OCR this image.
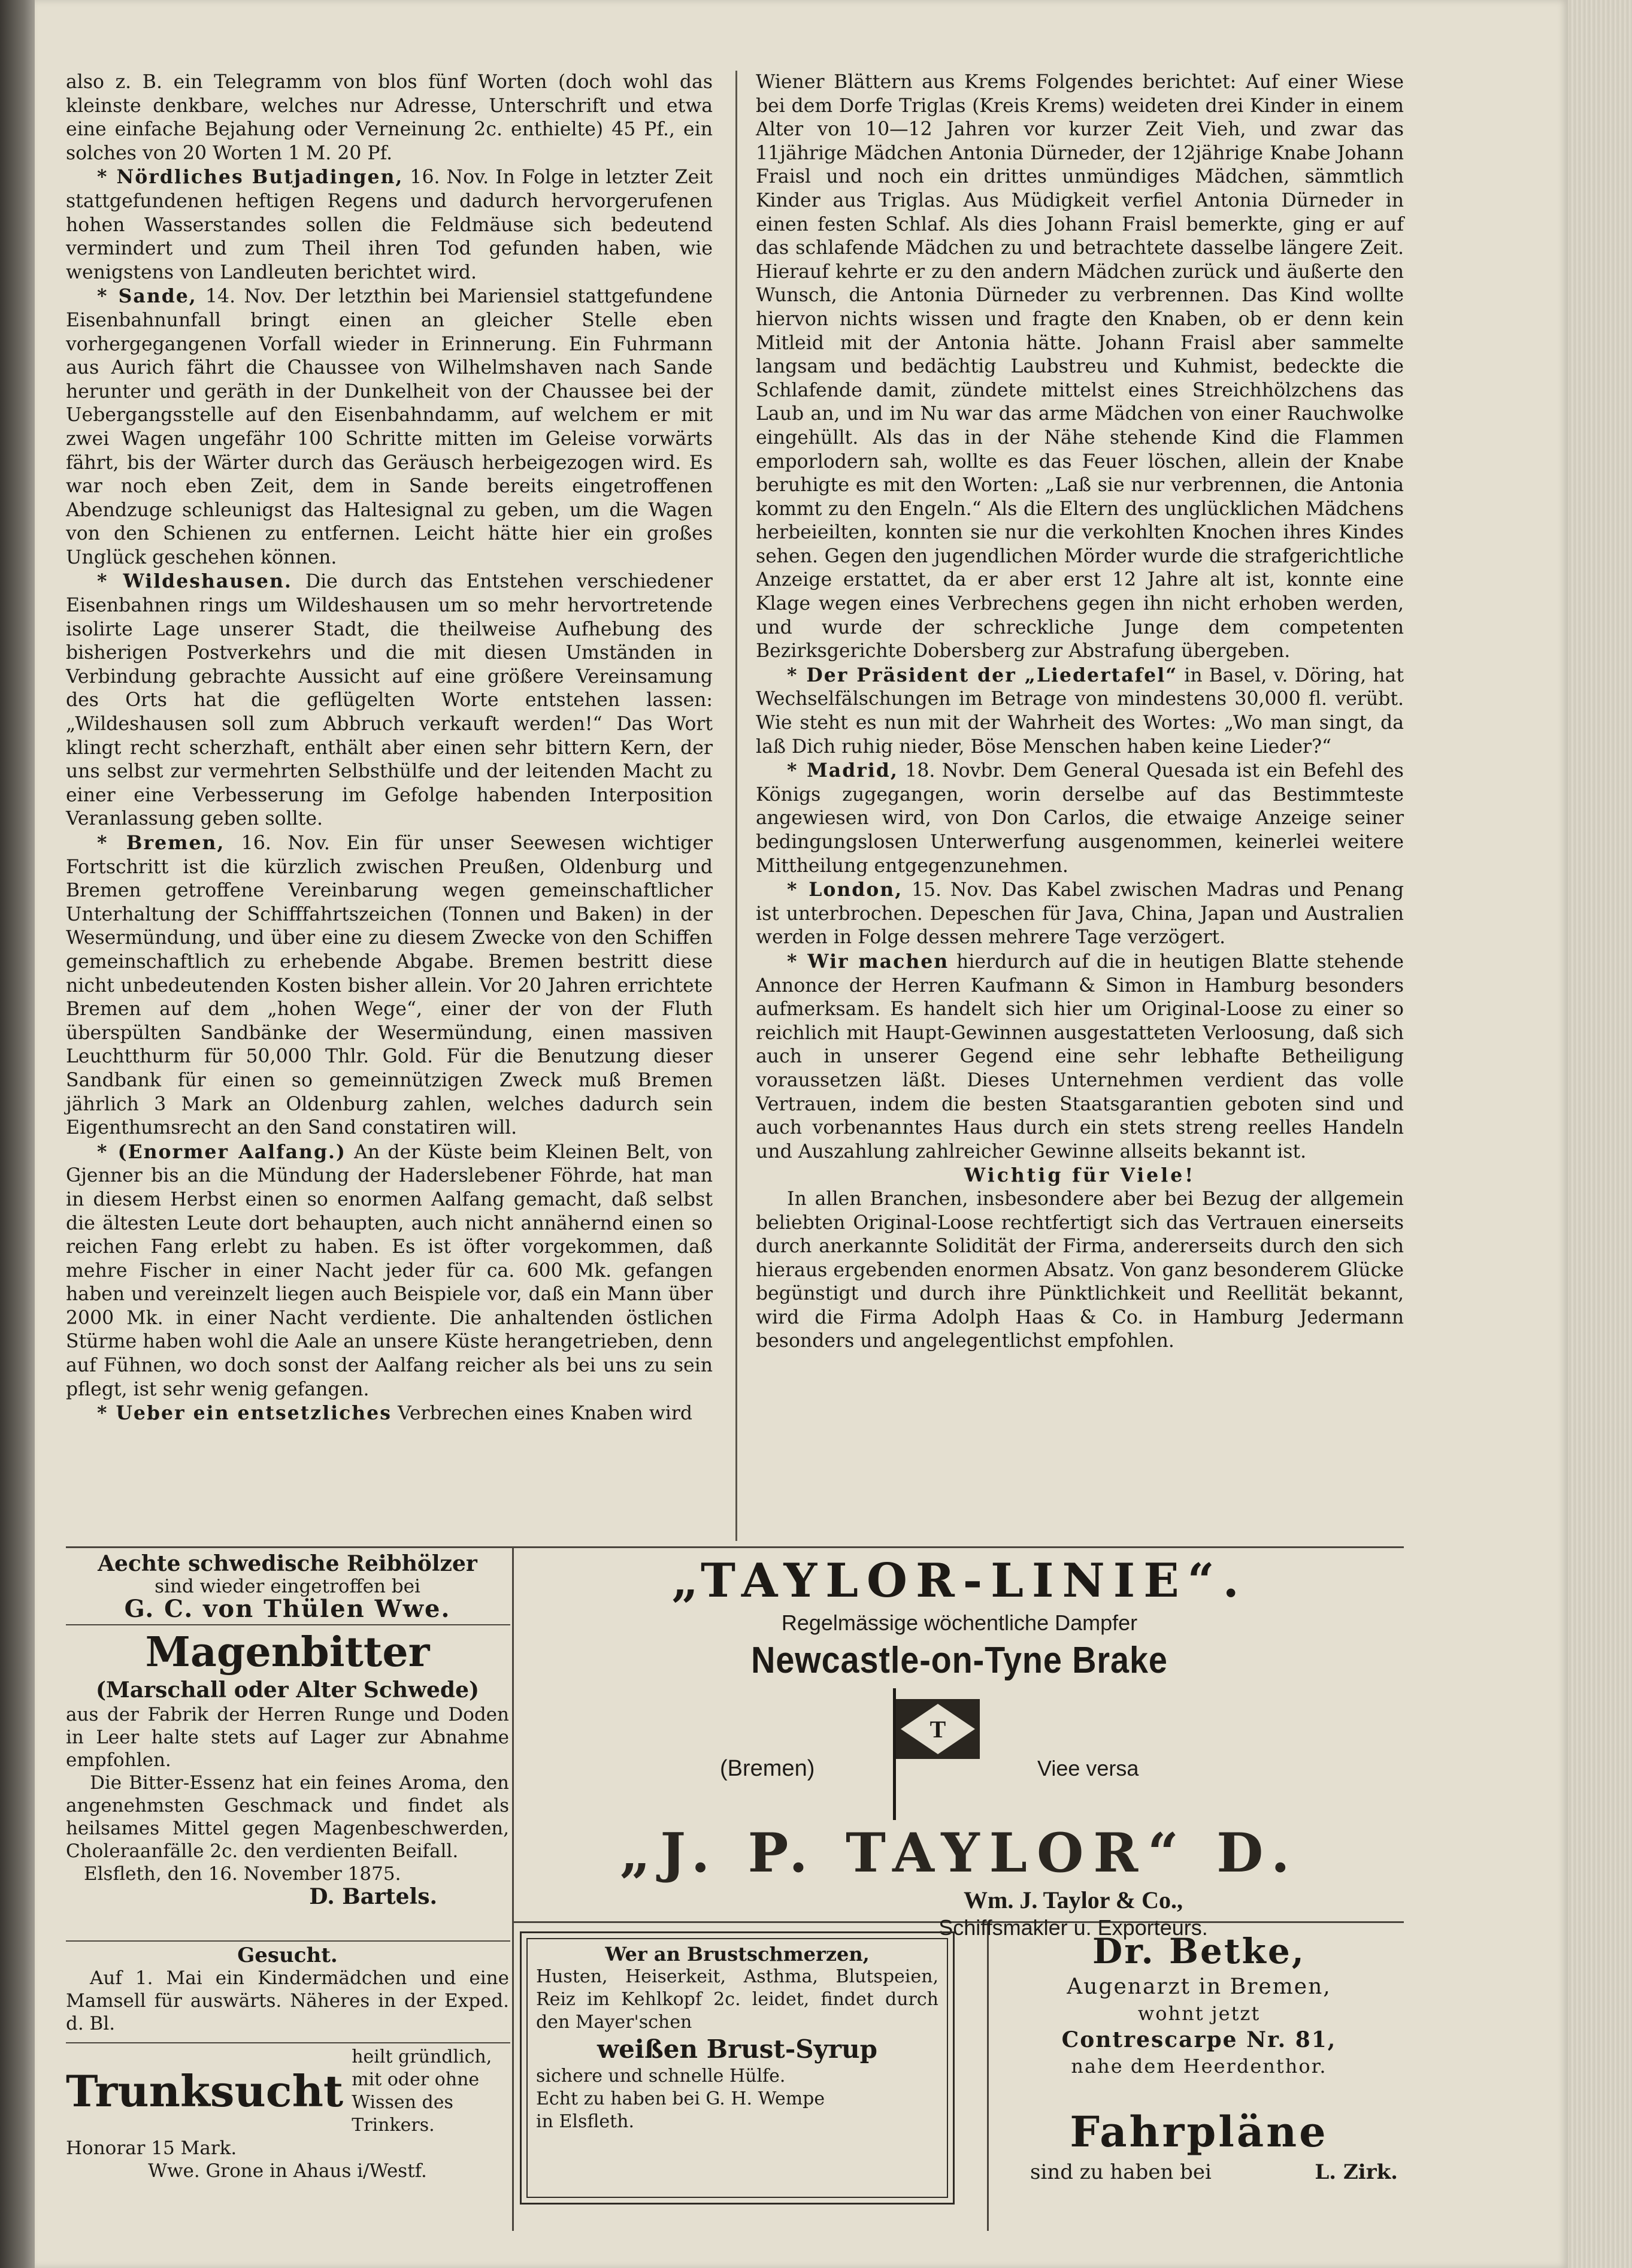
also z. B. ein Telegramm von blos fünf Worten (doch wohl das kleinste denkbare, welches nur Adresse, Unterschrift und etwa eine einfache Bejahung oder Verneinung 2c. enthielte) 45 Pf., ein solches von 20 Worten 1 M. 20 Pf.

* Nördliches Butjadingen, 16. Nov. In Folge in letzter Zeit stattgefundenen heftigen Regens und dadurch hervorgerufenen hohen Wasserstandes sollen die Feldmäuse sich bedeutend vermindert und zum Theil ihren Tod gefunden haben, wie wenigstens von Landleuten berichtet wird.

* Sande, 14. Nov. Der letzthin bei Mariensiel stattgefundene Eisenbahnunfall bringt einen an gleicher Stelle eben vorhergegangenen Vorfall wieder in Erinnerung. Ein Fuhrmann aus Aurich fährt die Chaussee von Wilhelmshaven nach Sande herunter und geräth in der Dunkelheit von der Chaussee bei der Uebergangsstelle auf den Eisenbahndamm, auf welchem er mit zwei Wagen ungefähr 100 Schritte mitten im Geleise vorwärts fährt, bis der Wärter durch das Geräusch herbeigezogen wird. Es war noch eben Zeit, dem in Sande bereits eingetroffenen Abendzuge schleunigst das Haltesignal zu geben, um die Wagen von den Schienen zu entfernen. Leicht hätte hier ein großes Unglück geschehen können.

* Wildeshausen. Die durch das Entstehen verschiedener Eisenbahnen rings um Wildeshausen um so mehr hervortretende isolirte Lage unserer Stadt, die theilweise Aufhebung des bisherigen Postverkehrs und die mit diesen Umständen in Verbindung gebrachte Aussicht auf eine größere Vereinsamung des Orts hat die geflügelten Worte entstehen lassen: „Wildeshausen soll zum Abbruch verkauft werden!“ Das Wort klingt recht scherzhaft, enthält aber einen sehr bittern Kern, der uns selbst zur vermehrten Selbsthülfe und der leitenden Macht zu einer eine Verbesserung im Gefolge habenden Interposition Veranlassung geben sollte.

* Bremen, 16. Nov. Ein für unser Seewesen wichtiger Fortschritt ist die kürzlich zwischen Preußen, Oldenburg und Bremen getroffene Vereinbarung wegen gemeinschaftlicher Unterhaltung der Schifffahrtszeichen (Tonnen und Baken) in der Wesermündung, und über eine zu diesem Zwecke von den Schiffen gemeinschaftlich zu erhebende Abgabe. Bremen bestritt diese nicht unbedeutenden Kosten bisher allein. Vor 20 Jahren errichtete Bremen auf dem „hohen Wege“, einer der von der Fluth überspülten Sandbänke der Wesermündung, einen massiven Leuchtthurm für 50,000 Thlr. Gold. Für die Benutzung dieser Sandbank für einen so gemeinnützigen Zweck muß Bremen jährlich 3 Mark an Oldenburg zahlen, welches dadurch sein Eigenthumsrecht an den Sand constatiren will.

* (Enormer Aalfang.) An der Küste beim Kleinen Belt, von Gjenner bis an die Mündung der Haderslebener Föhrde, hat man in diesem Herbst einen so enormen Aalfang gemacht, daß selbst die ältesten Leute dort behaupten, auch nicht annähernd einen so reichen Fang erlebt zu haben. Es ist öfter vorgekommen, daß mehre Fischer in einer Nacht jeder für ca. 600 Mk. gefangen haben und vereinzelt liegen auch Beispiele vor, daß ein Mann über 2000 Mk. in einer Nacht verdiente. Die anhaltenden östlichen Stürme haben wohl die Aale an unsere Küste herangetrieben, denn auf Fühnen, wo doch sonst der Aalfang reicher als bei uns zu sein pflegt, ist sehr wenig gefangen.

* Ueber ein entsetzliches Verbrechen eines Knaben wird

Wiener Blättern aus Krems Folgendes berichtet: Auf einer Wiese bei dem Dorfe Triglas (Kreis Krems) weideten drei Kinder in einem Alter von 10—12 Jahren vor kurzer Zeit Vieh, und zwar das 11jährige Mädchen Antonia Dürneder, der 12jährige Knabe Johann Fraisl und noch ein drittes unmündiges Mädchen, sämmtlich Kinder aus Triglas. Aus Müdigkeit verfiel Antonia Dürneder in einen festen Schlaf. Als dies Johann Fraisl bemerkte, ging er auf das schlafende Mädchen zu und betrachtete dasselbe längere Zeit. Hierauf kehrte er zu den andern Mädchen zurück und äußerte den Wunsch, die Antonia Dürneder zu verbrennen. Das Kind wollte hiervon nichts wissen und fragte den Knaben, ob er denn kein Mitleid mit der Antonia hätte. Johann Fraisl aber sammelte langsam und bedächtig Laubstreu und Kuhmist, bedeckte die Schlafende damit, zündete mittelst eines Streichhölzchens das Laub an, und im Nu war das arme Mädchen von einer Rauchwolke eingehüllt. Als das in der Nähe stehende Kind die Flammen emporlodern sah, wollte es das Feuer löschen, allein der Knabe beruhigte es mit den Worten: „Laß sie nur verbrennen, die Antonia kommt zu den Engeln.“ Als die Eltern des unglücklichen Mädchens herbeieilten, konnten sie nur die verkohlten Knochen ihres Kindes sehen. Gegen den jugendlichen Mörder wurde die strafgerichtliche Anzeige erstattet, da er aber erst 12 Jahre alt ist, konnte eine Klage wegen eines Verbrechens gegen ihn nicht erhoben werden, und wurde der schreckliche Junge dem competenten Bezirksgerichte Dobersberg zur Abstrafung übergeben.

* Der Präsident der „Liedertafel“ in Basel, v. Döring, hat Wechselfälschungen im Betrage von mindestens 30,000 fl. verübt. Wie steht es nun mit der Wahrheit des Wortes: „Wo man singt, da laß Dich ruhig nieder, Böse Menschen haben keine Lieder?“

* Madrid, 18. Novbr. Dem General Quesada ist ein Befehl des Königs zugegangen, worin derselbe auf das Bestimmteste angewiesen wird, von Don Carlos, die etwaige Anzeige seiner bedingungslosen Unterwerfung ausgenommen, keinerlei weitere Mittheilung entgegenzunehmen.

* London, 15. Nov. Das Kabel zwischen Madras und Penang ist unterbrochen. Depeschen für Java, China, Japan und Australien werden in Folge dessen mehrere Tage verzögert.

* Wir machen hierdurch auf die in heutigen Blatte stehende Annonce der Herren Kaufmann & Simon in Hamburg besonders aufmerksam. Es handelt sich hier um Original-Loose zu einer so reichlich mit Haupt-Gewinnen ausgestatteten Verloosung, daß sich auch in unserer Gegend eine sehr lebhafte Betheiligung voraussetzen läßt. Dieses Unternehmen verdient das volle Vertrauen, indem die besten Staatsgarantien geboten sind und auch vorbenanntes Haus durch ein stets streng reelles Handeln und Auszahlung zahlreicher Gewinne allseits bekannt ist.

Wichtig für Viele!

In allen Branchen, insbesondere aber bei Bezug der allgemein beliebten Original-Loose rechtfertigt sich das Vertrauen einerseits durch anerkannte Solidität der Firma, andererseits durch den sich hieraus ergebenden enormen Absatz. Von ganz besonderem Glücke begünstigt und durch ihre Pünktlichkeit und Reellität bekannt, wird die Firma Adolph Haas & Co. in Hamburg Jedermann besonders und angelegentlichst empfohlen.

Aechte schwedische Reibhölzer

sind wieder eingetroffen bei

G. C. von Thülen Wwe.

Magenbitter

(Marschall oder Alter Schwede)

aus der Fabrik der Herren Runge und Doden in Leer halte stets auf Lager zur Abnahme empfohlen.

Die Bitter-Essenz hat ein feines Aroma, den angenehmsten Geschmack und findet als heilsames Mittel gegen Magenbeschwerden, Choleraanfälle 2c. den verdienten Beifall.

Elsfleth, den 16. November 1875.

D. Bartels.

Gesucht.

Auf 1. Mai ein Kindermädchen und eine Mamsell für auswärts. Näheres in der Exped. d. Bl.

Trunksucht
heilt gründlich, mit oder ohne Wissen des Trinkers.

Honorar 15 Mark.

Wwe. Grone in Ahaus i/Westf.

„TAYLOR-LINIE“.

Regelmässige wöchentliche Dampfer

Newcastle-on-Tyne Brake

(Bremen)
T
Viee versa

„J. P. TAYLOR“ D.

Wm. J. Taylor & Co.,

Schiffsmakler u. Exporteurs.

Wer an Brustschmerzen,

Husten, Heiserkeit, Asthma, Blutspeien, Reiz im Kehlkopf 2c. leidet, findet durch den Mayer'schen

weißen Brust-Syrup

sichere und schnelle Hülfe.

Echt zu haben bei G. H. Wempe

in Elsfleth.

Dr. Betke,

Augenarzt in Bremen,

wohnt jetzt

Contrescarpe Nr. 81,

nahe dem Heerdenthor.

Fahrpläne

L. Zirk.
sind zu haben bei
